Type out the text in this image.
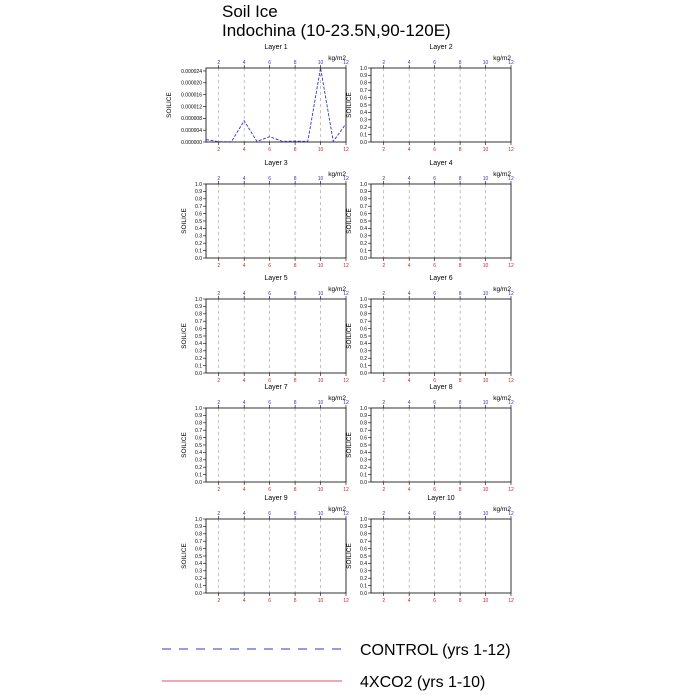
Soil Ice
Indochina (10-23.5N,90-120E)
2
2
4
4
6
6
8
8
10
10
12
12
0.000000
0.000004
0.000008
0.000012
0.000016
0.000020
0.000024
Layer 1
kg/m2
SOILICE
2
2
4
4
6
6
8
8
10
10
12
12
0.0
0.1
0.2
0.3
0.4
0.5
0.6
0.7
0.8
0.9
1.0
Layer 2
kg/m2
SOILICE
2
2
4
4
6
6
8
8
10
10
12
12
0.0
0.1
0.2
0.3
0.4
0.5
0.6
0.7
0.8
0.9
1.0
Layer 3
kg/m2
SOILICE
2
2
4
4
6
6
8
8
10
10
12
12
0.0
0.1
0.2
0.3
0.4
0.5
0.6
0.7
0.8
0.9
1.0
Layer 4
kg/m2
SOILICE
2
2
4
4
6
6
8
8
10
10
12
12
0.0
0.1
0.2
0.3
0.4
0.5
0.6
0.7
0.8
0.9
1.0
Layer 5
kg/m2
SOILICE
2
2
4
4
6
6
8
8
10
10
12
12
0.0
0.1
0.2
0.3
0.4
0.5
0.6
0.7
0.8
0.9
1.0
Layer 6
kg/m2
SOILICE
2
2
4
4
6
6
8
8
10
10
12
12
0.0
0.1
0.2
0.3
0.4
0.5
0.6
0.7
0.8
0.9
1.0
Layer 7
kg/m2
SOILICE
2
2
4
4
6
6
8
8
10
10
12
12
0.0
0.1
0.2
0.3
0.4
0.5
0.6
0.7
0.8
0.9
1.0
Layer 8
kg/m2
SOILICE
2
2
4
4
6
6
8
8
10
10
12
12
0.0
0.1
0.2
0.3
0.4
0.5
0.6
0.7
0.8
0.9
1.0
Layer 9
kg/m2
SOILICE
2
2
4
4
6
6
8
8
10
10
12
12
0.0
0.1
0.2
0.3
0.4
0.5
0.6
0.7
0.8
0.9
1.0
Layer 10
kg/m2
SOILICE
CONTROL (yrs 1-12)
4XCO2 (yrs 1-10)
